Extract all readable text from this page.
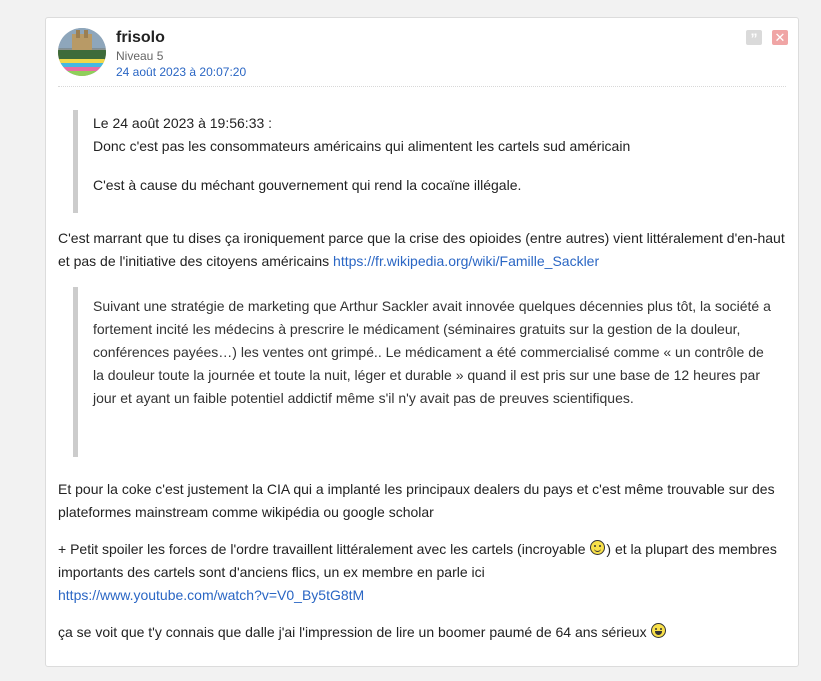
frisolo
Niveau 5
24 août 2023 à 20:07:20
”	✕

Le 24 août 2023 à 19:56:33 :

Donc c'est pas les consommateurs américains qui alimentent les cartels sud américain

C'est à cause du méchant gouvernement qui rend la cocaïne illégale.

C'est marrant que tu dises ça ironiquement parce que la crise des opioides (entre autres) vient littéralement d'en-haut et pas de l'initiative des citoyens américains https://fr.wikipedia.org/wiki/Famille_Sackler

Suivant une stratégie de marketing que Arthur Sackler avait innovée quelques décennies plus tôt, la société a fortement incité les médecins à prescrire le médicament (séminaires gratuits sur la gestion de la douleur, conférences payées…) les ventes ont grimpé.. Le médicament a été commercialisé comme « un contrôle de la douleur toute la journée et toute la nuit, léger et durable » quand il est pris sur une base de 12 heures par jour et ayant un faible potentiel addictif même s'il n'y avait pas de preuves scientifiques.

Et pour la coke c'est justement la CIA qui a implanté les principaux dealers du pays et c'est même trouvable sur des plateformes mainstream comme wikipédia ou google scholar

+ Petit spoiler les forces de l'ordre travaillent littéralement avec les cartels (incroyable ) et la plupart des membres importants des cartels sont d'anciens flics, un ex membre en parle ici
https://www.youtube.com/watch?v=V0_By5tG8tM

ça se voit que t'y connais que dalle j'ai l'impression de lire un boomer paumé de 64 ans sérieux
